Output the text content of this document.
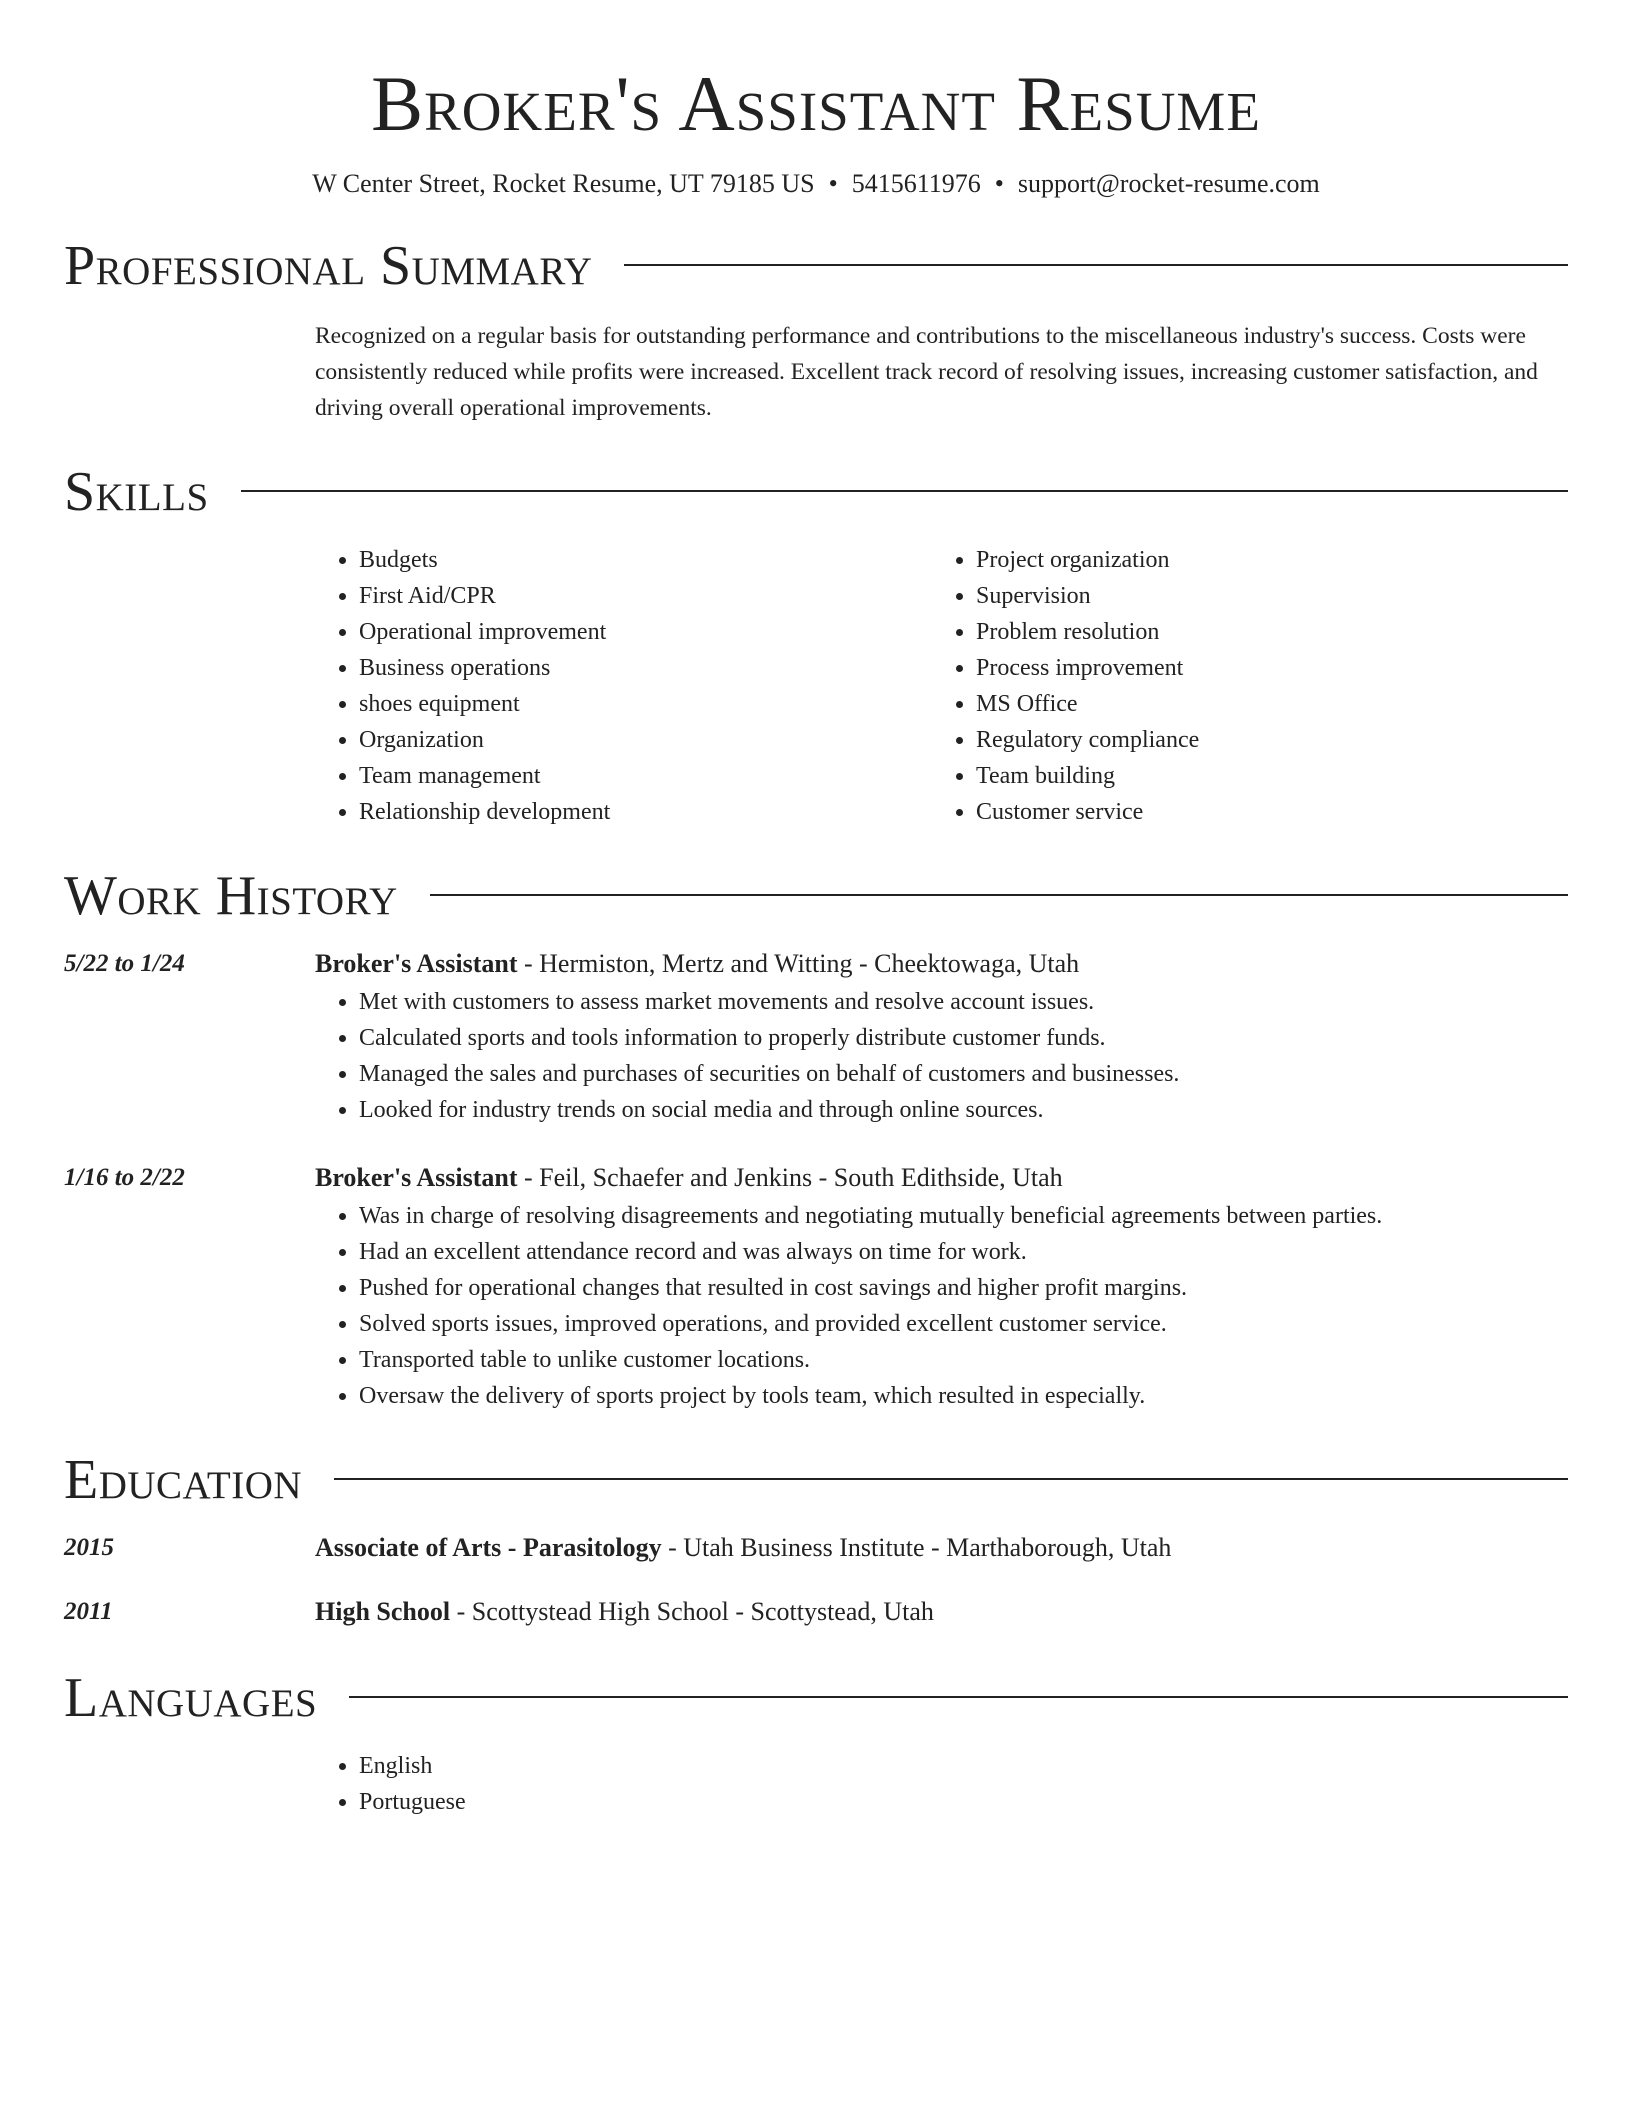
Broker's Assistant Resume
W Center Street, Rocket Resume, UT 79185 US • 5415611976 • support@rocket-resume.com
Professional Summary
Recognized on a regular basis for outstanding performance and contributions to the miscellaneous industry's success. Costs were consistently reduced while profits were increased. Excellent track record of resolving issues, increasing customer satisfaction, and driving overall operational improvements.
Skills
• Budgets
• First Aid/CPR
• Operational improvement
• Business operations
• shoes equipment
• Organization
• Team management
• Relationship development
• Project organization
• Supervision
• Problem resolution
• Process improvement
• MS Office
• Regulatory compliance
• Team building
• Customer service
Work History
5/22 to 1/24	Broker's Assistant - Hermiston, Mertz and Witting - Cheektowaga, Utah
• Met with customers to assess market movements and resolve account issues.
• Calculated sports and tools information to properly distribute customer funds.
• Managed the sales and purchases of securities on behalf of customers and businesses.
• Looked for industry trends on social media and through online sources.
1/16 to 2/22	Broker's Assistant - Feil, Schaefer and Jenkins - South Edithside, Utah
• Was in charge of resolving disagreements and negotiating mutually beneficial agreements between parties.
• Had an excellent attendance record and was always on time for work.
• Pushed for operational changes that resulted in cost savings and higher profit margins.
• Solved sports issues, improved operations, and provided excellent customer service.
• Transported table to unlike customer locations.
• Oversaw the delivery of sports project by tools team, which resulted in especially.
Education
2015	Associate of Arts - Parasitology - Utah Business Institute - Marthaborough, Utah
2011	High School - Scottystead High School - Scottystead, Utah
Languages
• English
• Portuguese
